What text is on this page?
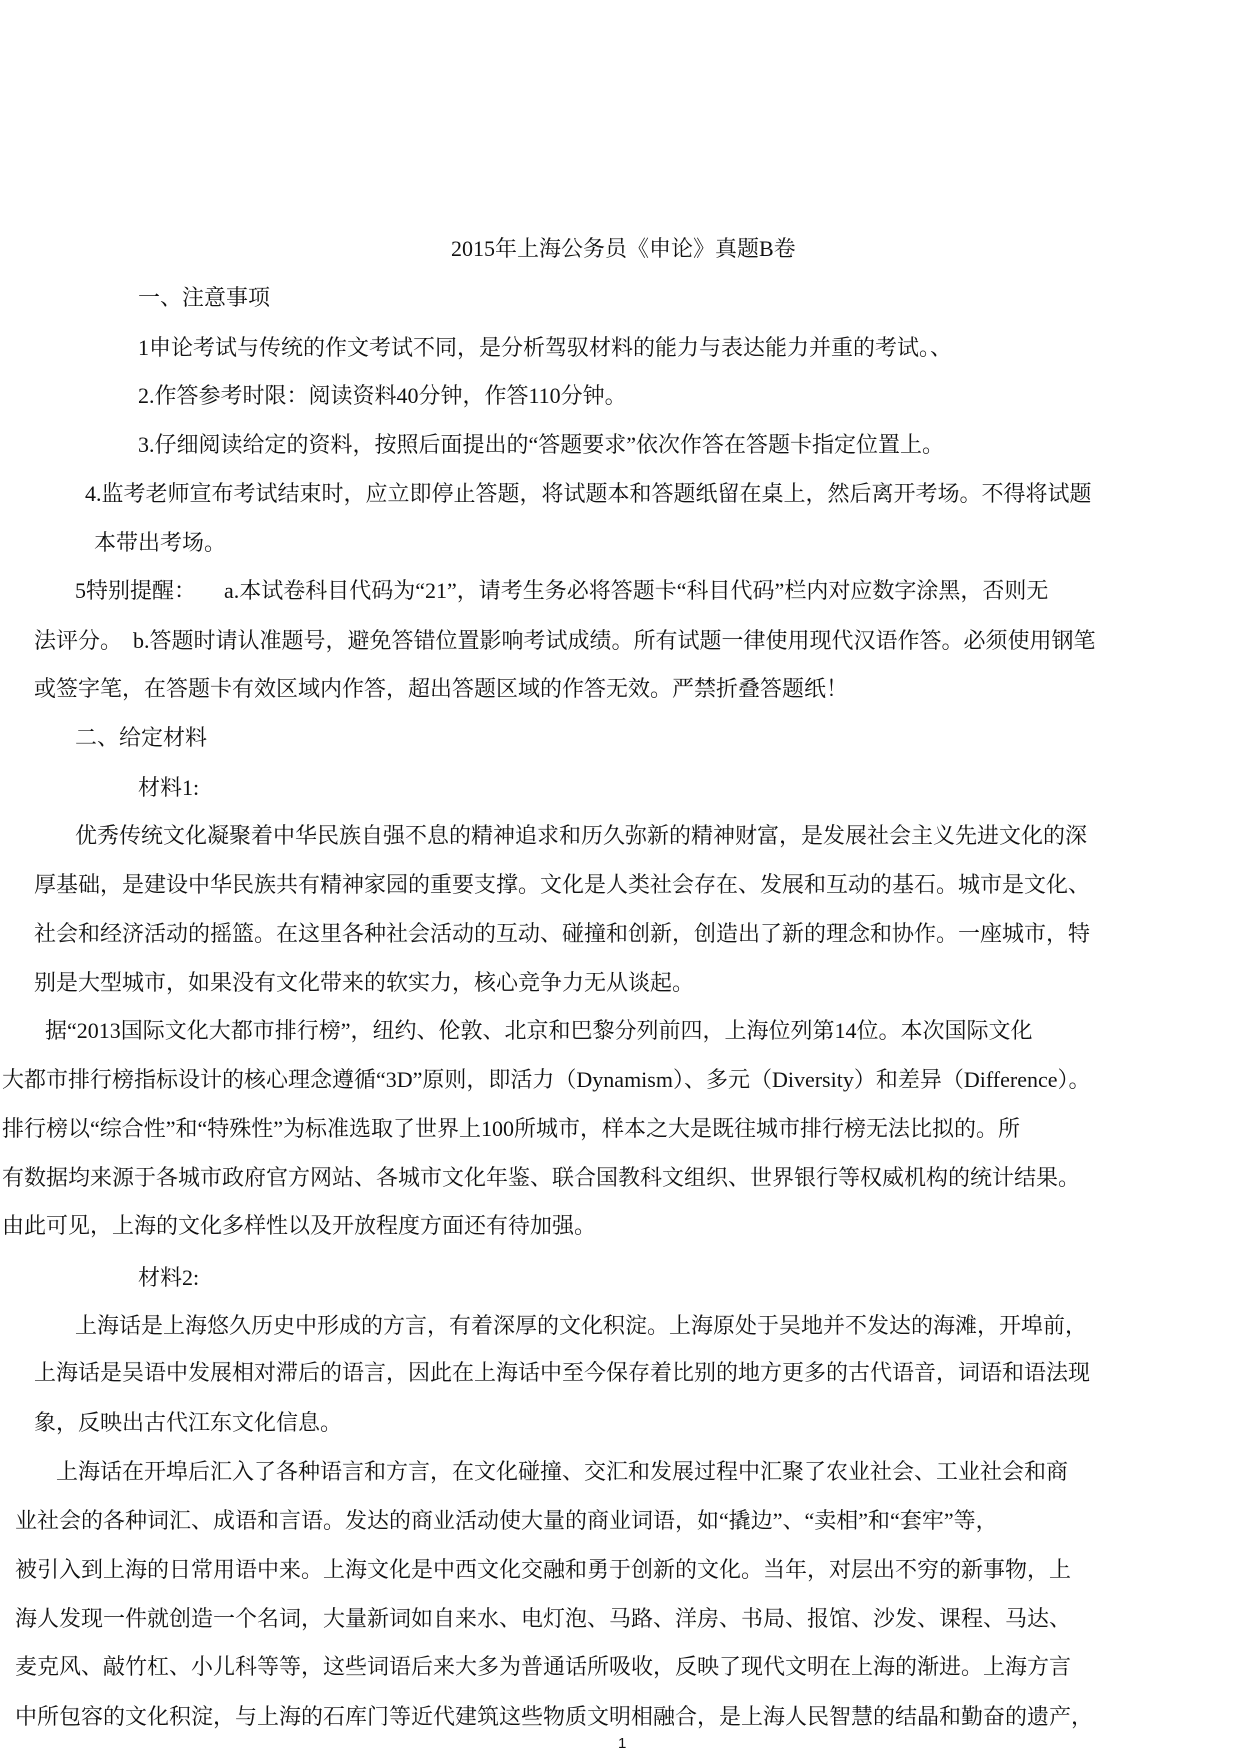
2015年上海公务员《申论》真题B卷
一、注意事项
1申论考试与传统的作文考试不同，是分析驾驭材料的能力与表达能力并重的考试。、
2.作答参考时限：阅读资料40分钟，作答110分钟。
3.仔细阅读给定的资料，按照后面提出的“答题要求”依次作答在答题卡指定位置上。
4.监考老师宣布考试结束时，应立即停止答题，将试题本和答题纸留在桌上，然后离开考场。不得将试题
本带出考场。
5特别提醒： a.本试卷科目代码为“21”，请考生务必将答题卡“科目代码”栏内对应数字涂黑，否则无
法评分。  b.答题时请认准题号，避免答错位置影响考试成绩。所有试题一律使用现代汉语作答。必须使用钢笔
或签字笔，在答题卡有效区域内作答，超出答题区域的作答无效。严禁折叠答题纸！
二、给定材料
材料1:
优秀传统文化凝聚着中华民族自强不息的精神追求和历久弥新的精神财富，是发展社会主义先进文化的深
厚基础，是建设中华民族共有精神家园的重要支撑。文化是人类社会存在、发展和互动的基石。城市是文化、
社会和经济活动的摇篮。在这里各种社会活动的互动、碰撞和创新，创造出了新的理念和协作。一座城市，特
别是大型城市，如果没有文化带来的软实力，核心竞争力无从谈起。
据“2013国际文化大都市排行榜”，纽约、伦敦、北京和巴黎分列前四，上海位列第14位。本次国际文化
大都市排行榜指标设计的核心理念遵循“3D”原则，即活力（Dynamism）、多元（Diversity）和差异（Difference）。
排行榜以“综合性”和“特殊性”为标准选取了世界上100所城市，样本之大是既往城市排行榜无法比拟的。所
有数据均来源于各城市政府官方网站、各城市文化年鉴、联合国教科文组织、世界银行等权威机构的统计结果。
由此可见，上海的文化多样性以及开放程度方面还有待加强。
材料2:
上海话是上海悠久历史中形成的方言，有着深厚的文化积淀。上海原处于吴地并不发达的海滩，开埠前，
上海话是吴语中发展相对滞后的语言，因此在上海话中至今保存着比别的地方更多的古代语音，词语和语法现
象，反映出古代江东文化信息。
上海话在开埠后汇入了各种语言和方言，在文化碰撞、交汇和发展过程中汇聚了农业社会、工业社会和商
业社会的各种词汇、成语和言语。发达的商业活动使大量的商业词语，如“撬边”、“卖相”和“套牢”等，
被引入到上海的日常用语中来。上海文化是中西文化交融和勇于创新的文化。当年，对层出不穷的新事物，上
海人发现一件就创造一个名词，大量新词如自来水、电灯泡、马路、洋房、书局、报馆、沙发、课程、马达、
麦克风、敲竹杠、小儿科等等，这些词语后来大多为普通话所吸收，反映了现代文明在上海的渐进。上海方言
中所包容的文化积淀，与上海的石库门等近代建筑这些物质文明相融合，是上海人民智慧的结晶和勤奋的遗产，
1
